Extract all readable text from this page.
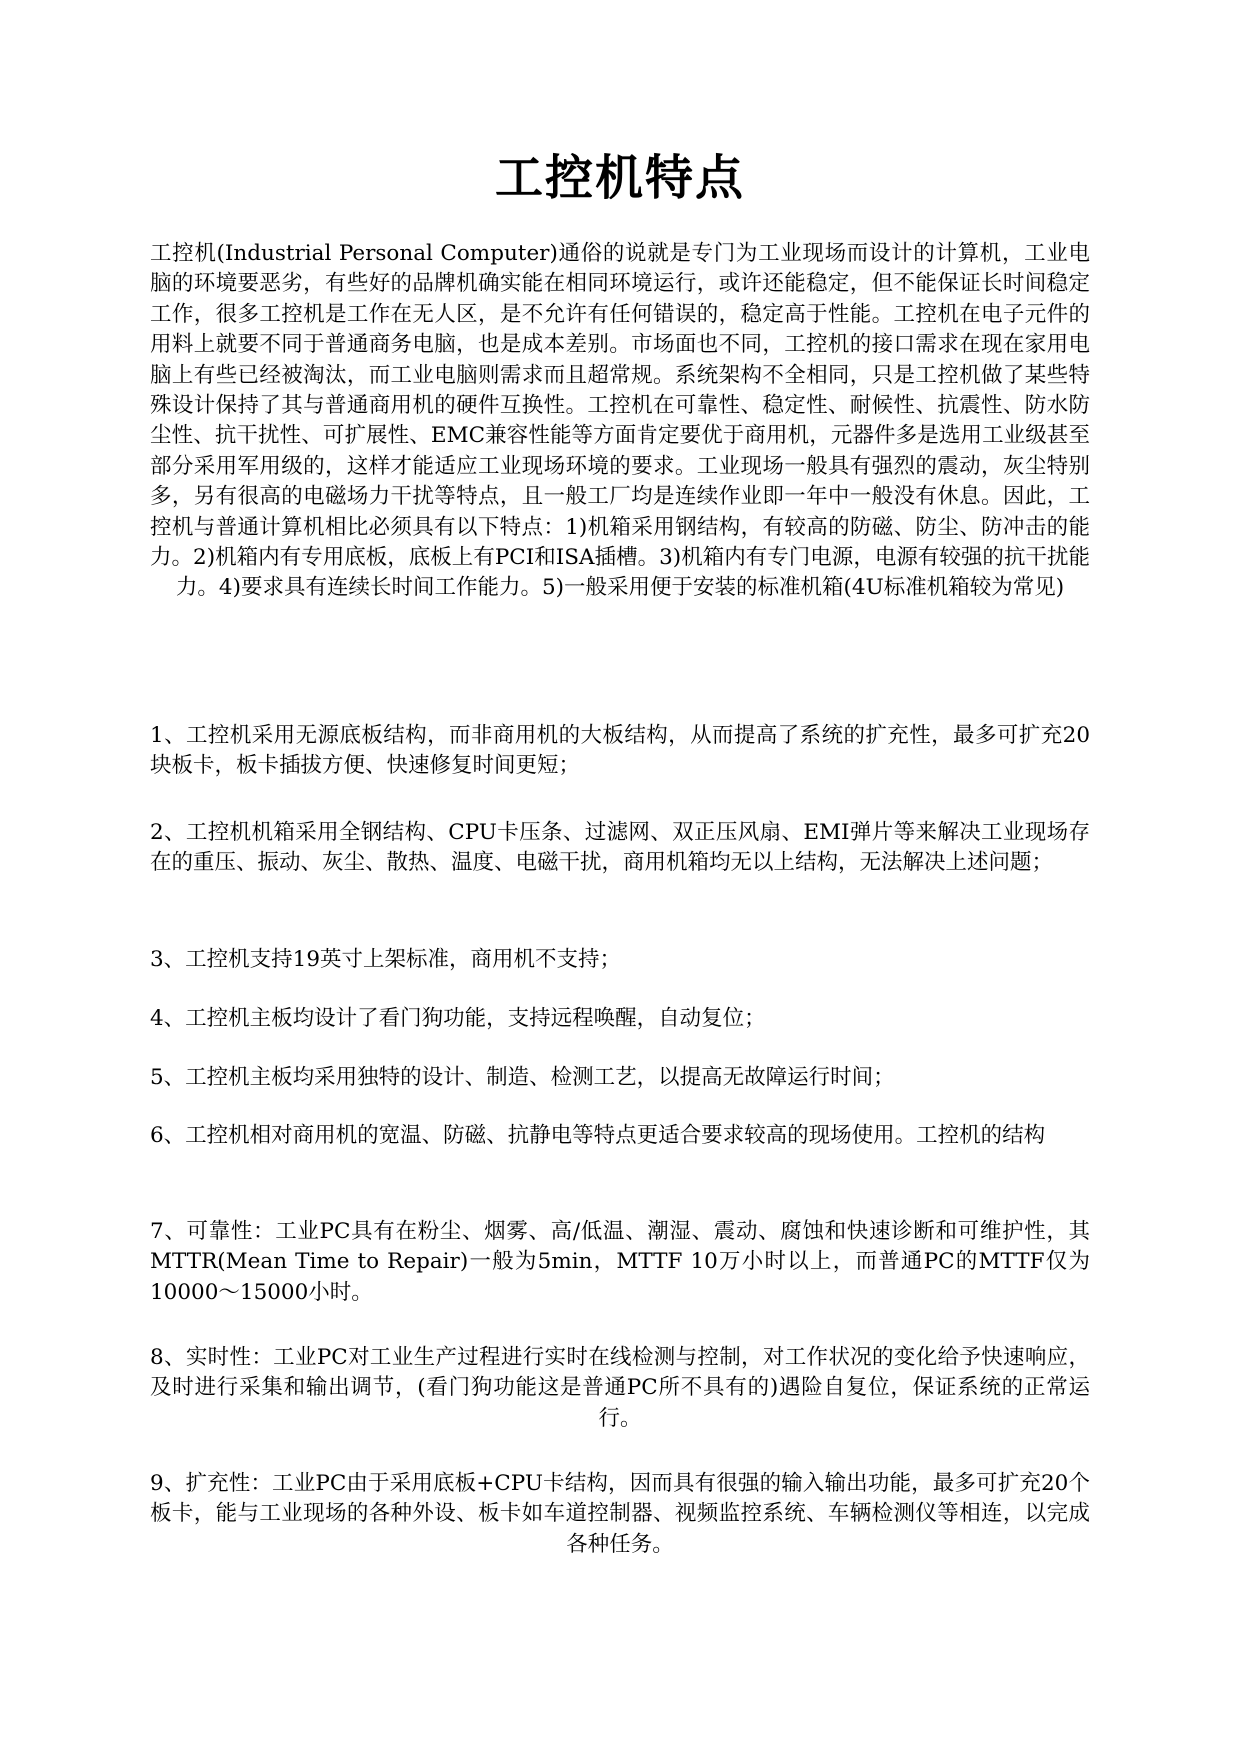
工控机特点

工控机(Industrial Personal Computer)通俗的说就是专门为工业现场而设计的计算机，工业电脑的环境要恶劣，有些好的品牌机确实能在相同环境运行，或许还能稳定，但不能保证长时间稳定工作，很多工控机是工作在无人区，是不允许有任何错误的，稳定高于性能。工控机在电子元件的用料上就要不同于普通商务电脑，也是成本差别。市场面也不同，工控机的接口需求在现在家用电脑上有些已经被淘汰，而工业电脑则需求而且超常规。系统架构不全相同，只是工控机做了某些特殊设计保持了其与普通商用机的硬件互换性。工控机在可靠性、稳定性、耐候性、抗震性、防水防尘性、抗干扰性、可扩展性、EMC兼容性能等方面肯定要优于商用机，元器件多是选用工业级甚至部分采用军用级的，这样才能适应工业现场环境的要求。工业现场一般具有强烈的震动，灰尘特别多，另有很高的电磁场力干扰等特点，且一般工厂均是连续作业即一年中一般没有休息。因此，工控机与普通计算机相比必须具有以下特点：1)机箱采用钢结构，有较高的防磁、防尘、防冲击的能力。2)机箱内有专用底板，底板上有PCI和ISA插槽。3)机箱内有专门电源，电源有较强的抗干扰能力。4)要求具有连续长时间工作能力。5)一般采用便于安装的标准机箱(4U标准机箱较为常见)

1、工控机采用无源底板结构，而非商用机的大板结构，从而提高了系统的扩充性，最多可扩充20块板卡，板卡插拔方便、快速修复时间更短；

2、工控机机箱采用全钢结构、CPU卡压条、过滤网、双正压风扇、EMI弹片等来解决工业现场存在的重压、振动、灰尘、散热、温度、电磁干扰，商用机箱均无以上结构，无法解决上述问题；

3、工控机支持19英寸上架标准，商用机不支持；

4、工控机主板均设计了看门狗功能，支持远程唤醒，自动复位；

5、工控机主板均采用独特的设计、制造、检测工艺，以提高无故障运行时间；

6、工控机相对商用机的宽温、防磁、抗静电等特点更适合要求较高的现场使用。工控机的结构

7、可靠性：工业PC具有在粉尘、烟雾、高/低温、潮湿、震动、腐蚀和快速诊断和可维护性，其MTTR(Mean Time to Repair)一般为5min，MTTF 10万小时以上，而普通PC的MTTF仅为10000～15000小时。

8、实时性：工业PC对工业生产过程进行实时在线检测与控制，对工作状况的变化给予快速响应，及时进行采集和输出调节，(看门狗功能这是普通PC所不具有的)遇险自复位，保证系统的正常运行。

9、扩充性：工业PC由于采用底板+CPU卡结构，因而具有很强的输入输出功能，最多可扩充20个板卡，能与工业现场的各种外设、板卡如车道控制器、视频监控系统、车辆检测仪等相连，以完成各种任务。
